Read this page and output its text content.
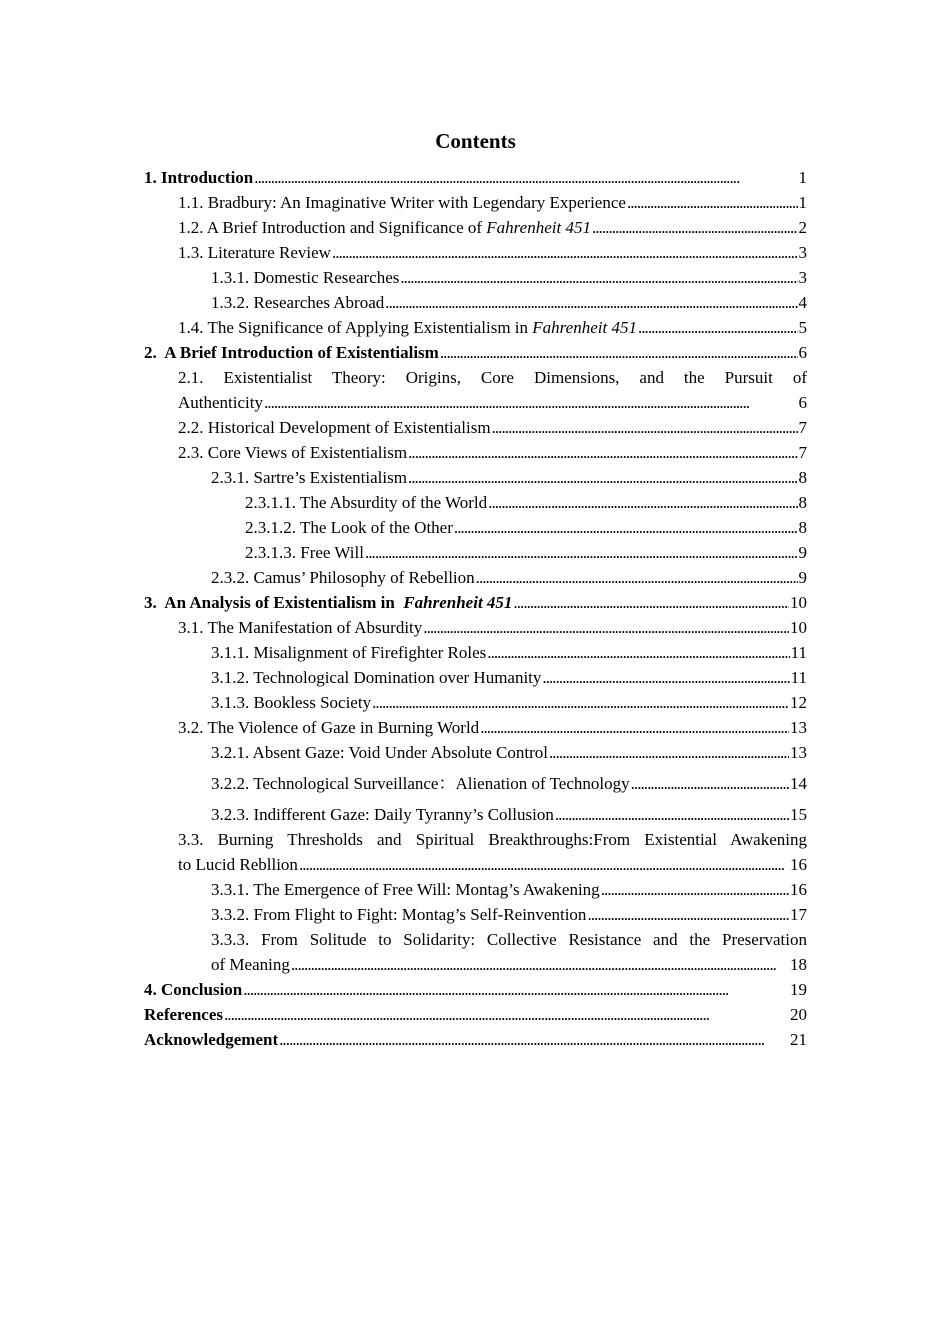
Contents
1. Introduction . . .	1
1.1. Bradbury: An Imaginative Writer with Legendary Experience . . .	1
1.2. A Brief Introduction and Significance of Fahrenheit 451 . . .	2
1.3. Literature Review . . .	3
1.3.1. Domestic Researches . . .	3
1.3.2. Researches Abroad . . .	4
1.4. The Significance of Applying Existentialism in Fahrenheit 451 . . .	5
2.  A Brief Introduction of Existentialism . . .	6
2.1. Existentialist Theory: Origins, Core Dimensions, and the Pursuit of
Authenticity . . .	6
2.2. Historical Development of Existentialism . . .	7
2.3. Core Views of Existentialism . . .	7
2.3.1. Sartre’s Existentialism . . .	8
2.3.1.1. The Absurdity of the World . . .	8
2.3.1.2. The Look of the Other . . .	8
2.3.1.3. Free Will . . .	9
2.3.2. Camus’ Philosophy of Rebellion . . .	9
3.  An Analysis of Existentialism in  Fahrenheit 451 . . .	10
3.1. The Manifestation of Absurdity . . .	10
3.1.1. Misalignment of Firefighter Roles . . .	11
3.1.2. Technological Domination over Humanity . . .	11
3.1.3. Bookless Society . . .	12
3.2. The Violence of Gaze in Burning World . . .	13
3.2.1. Absent Gaze: Void Under Absolute Control . . .	13
3.2.2. Technological Surveillance：Alienation of Technology . . .	14
3.2.3. Indifferent Gaze: Daily Tyranny’s Collusion . . .	15
3.3. Burning Thresholds and Spiritual Breakthroughs:From Existential Awakening
to Lucid Rebllion . . .	16
3.3.1. The Emergence of Free Will: Montag’s Awakening . . .	16
3.3.2. From Flight to Fight: Montag’s Self-Reinvention . . .	17
3.3.3. From Solitude to Solidarity: Collective Resistance and the Preservation
of Meaning . . .	18
4. Conclusion . . .	19
References . . .	20
Acknowledgement . . .	21
